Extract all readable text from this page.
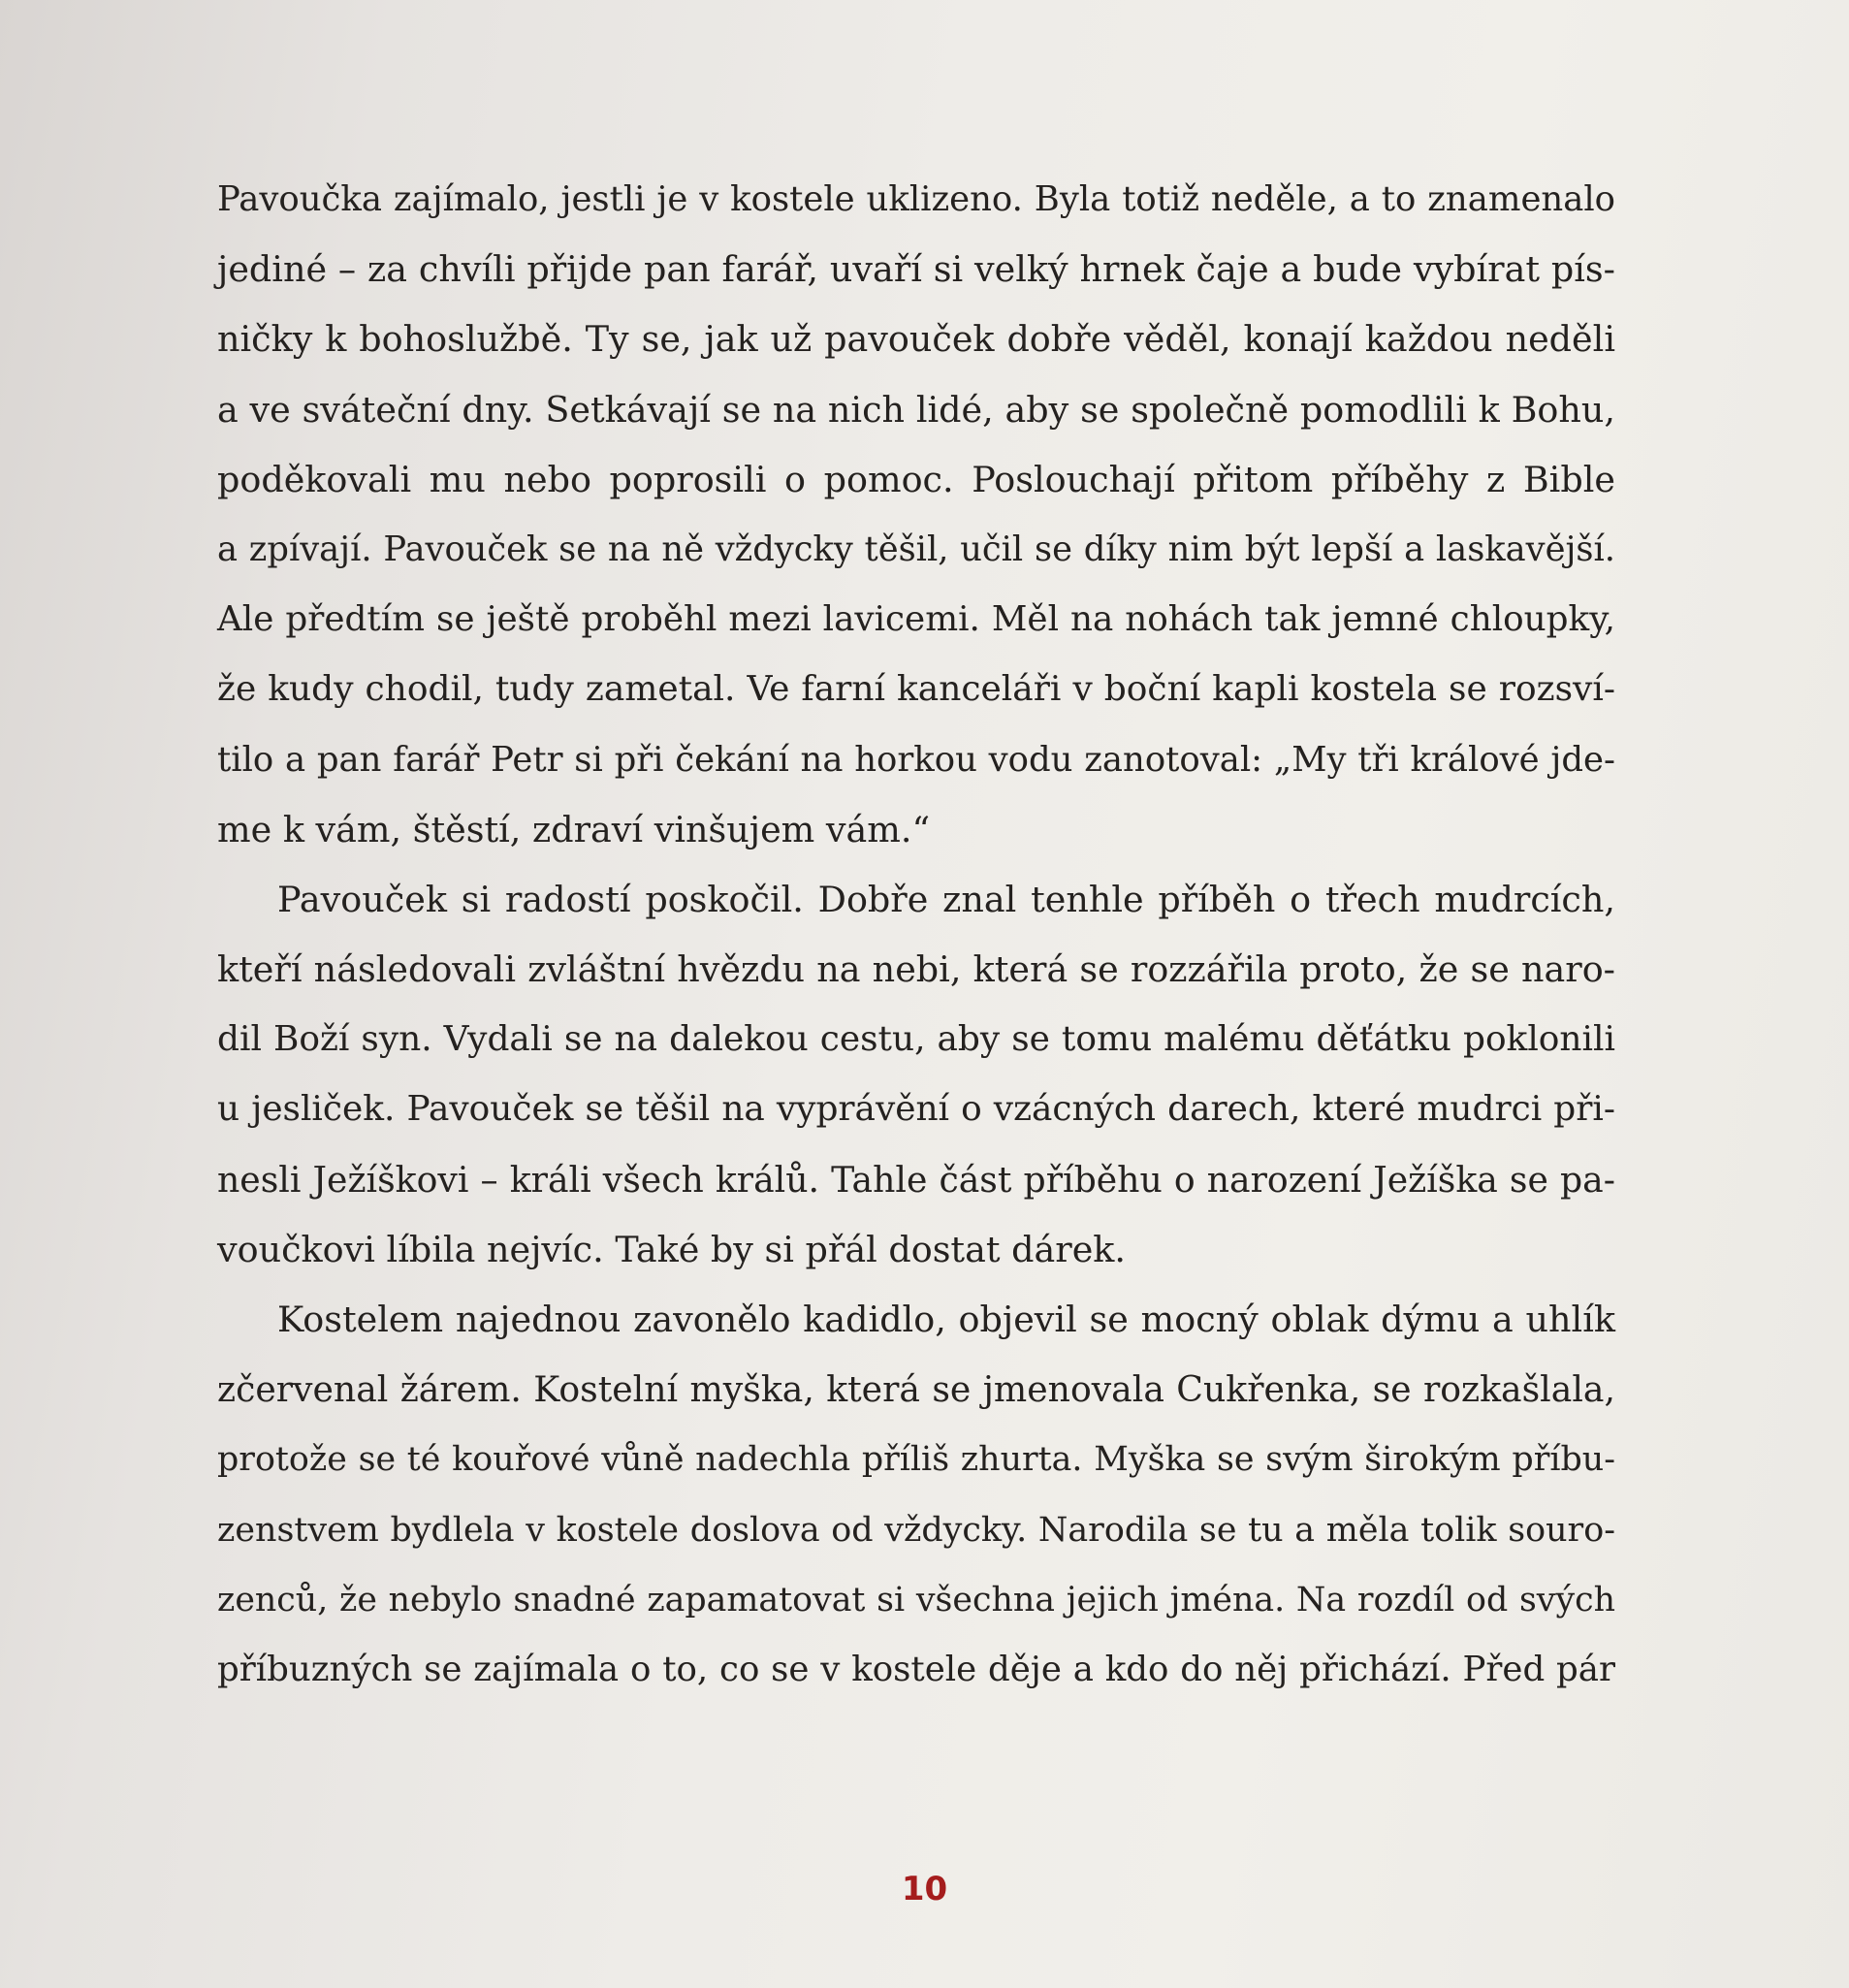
Pavoučka zajímalo, jestli je v kostele uklizeno. Byla totiž neděle, a to znamenalo
jediné – za chvíli přijde pan farář, uvaří si velký hrnek čaje a bude vybírat pís-
ničky k bohoslužbě. Ty se, jak už pavouček dobře věděl, konají každou neděli
a ve sváteční dny. Setkávají se na nich lidé, aby se společně pomodlili k Bohu,
poděkovali mu nebo poprosili o pomoc. Poslouchají přitom příběhy z Bible
a zpívají. Pavouček se na ně vždycky těšil, učil se díky nim být lepší a laskavější.
Ale předtím se ještě proběhl mezi lavicemi. Měl na nohách tak jemné chloupky,
že kudy chodil, tudy zametal. Ve farní kanceláři v boční kapli kostela se rozsví-
tilo a pan farář Petr si při čekání na horkou vodu zanotoval: „My tři králové jde-
me k vám, štěstí, zdraví vinšujem vám.“
Pavouček si radostí poskočil. Dobře znal tenhle příběh o třech mudrcích,
kteří následovali zvláštní hvězdu na nebi, která se rozzářila proto, že se naro-
dil Boží syn. Vydali se na dalekou cestu, aby se tomu malému děťátku poklonili
u jesliček. Pavouček se těšil na vyprávění o vzácných darech, které mudrci při-
nesli Ježíškovi – králi všech králů. Tahle část příběhu o narození Ježíška se pa-
voučkovi líbila nejvíc. Také by si přál dostat dárek.
Kostelem najednou zavonělo kadidlo, objevil se mocný oblak dýmu a uhlík
zčervenal žárem. Kostelní myška, která se jmenovala Cukřenka, se rozkašlala,
protože se té kouřové vůně nadechla příliš zhurta. Myška se svým širokým příbu-
zenstvem bydlela v kostele doslova od vždycky. Narodila se tu a měla tolik souro-
zenců, že nebylo snadné zapamatovat si všechna jejich jména. Na rozdíl od svých
příbuzných se zajímala o to, co se v kostele děje a kdo do něj přichází. Před pár
10
